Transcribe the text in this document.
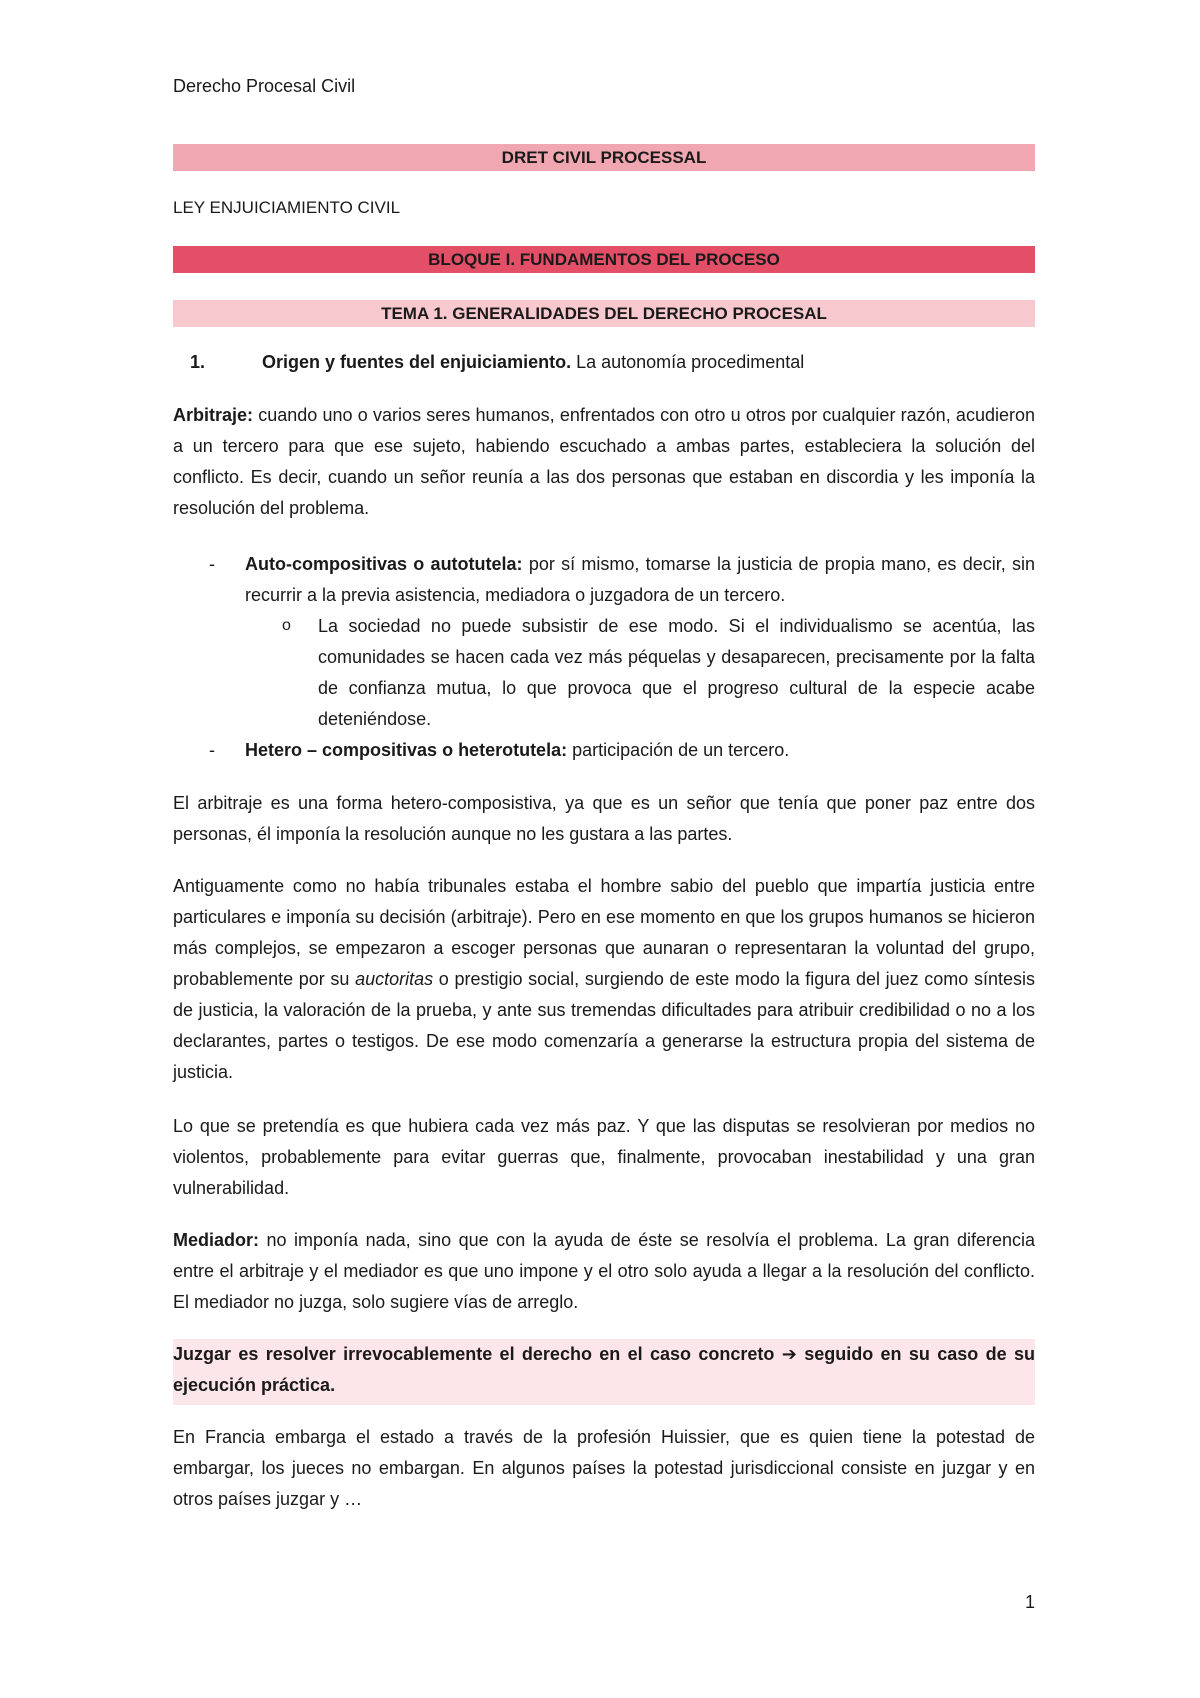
Derecho Procesal Civil
DRET CIVIL PROCESSAL
LEY ENJUICIAMIENTO CIVIL
BLOQUE I. FUNDAMENTOS DEL PROCESO
TEMA 1. GENERALIDADES DEL DERECHO PROCESAL
1.	Origen y fuentes del enjuiciamiento. La autonomía procedimental
Arbitraje: cuando uno o varios seres humanos, enfrentados con otro u otros por cualquier razón, acudieron a un tercero para que ese sujeto, habiendo escuchado a ambas partes, estableciera la solución del conflicto. Es decir, cuando un señor reunía a las dos personas que estaban en discordia y les imponía la resolución del problema.
- Auto-compositivas o autotutela: por sí mismo, tomarse la justicia de propia mano, es decir, sin recurrir a la previa asistencia, mediadora o juzgadora de un tercero.
o La sociedad no puede subsistir de ese modo. Si el individualismo se acentúa, las comunidades se hacen cada vez más péquelas y desaparecen, precisamente por la falta de confianza mutua, lo que provoca que el progreso cultural de la especie acabe deteniéndose.
- Hetero – compositivas o heterotutela: participación de un tercero.
El arbitraje es una forma hetero-composistiva, ya que es un señor que tenía que poner paz entre dos personas, él imponía la resolución aunque no les gustara a las partes.
Antiguamente como no había tribunales estaba el hombre sabio del pueblo que impartía justicia entre particulares e imponía su decisión (arbitraje). Pero en ese momento en que los grupos humanos se hicieron más complejos, se empezaron a escoger personas que aunaran o representaran la voluntad del grupo, probablemente por su auctoritas o prestigio social, surgiendo de este modo la figura del juez como síntesis de justicia, la valoración de la prueba, y ante sus tremendas dificultades para atribuir credibilidad o no a los declarantes, partes o testigos. De ese modo comenzaría a generarse la estructura propia del sistema de justicia.
Lo que se pretendía es que hubiera cada vez más paz. Y que las disputas se resolvieran por medios no violentos, probablemente para evitar guerras que, finalmente, provocaban inestabilidad y una gran vulnerabilidad.
Mediador: no imponía nada, sino que con la ayuda de éste se resolvía el problema. La gran diferencia entre el arbitraje y el mediador es que uno impone y el otro solo ayuda a llegar a la resolución del conflicto. El mediador no juzga, solo sugiere vías de arreglo.
Juzgar es resolver irrevocablemente el derecho en el caso concreto ➔ seguido en su caso de su ejecución práctica.
En Francia embarga el estado a través de la profesión Huissier, que es quien tiene la potestad de embargar, los jueces no embargan. En algunos países la potestad jurisdiccional consiste en juzgar y en otros países juzgar y …
1
